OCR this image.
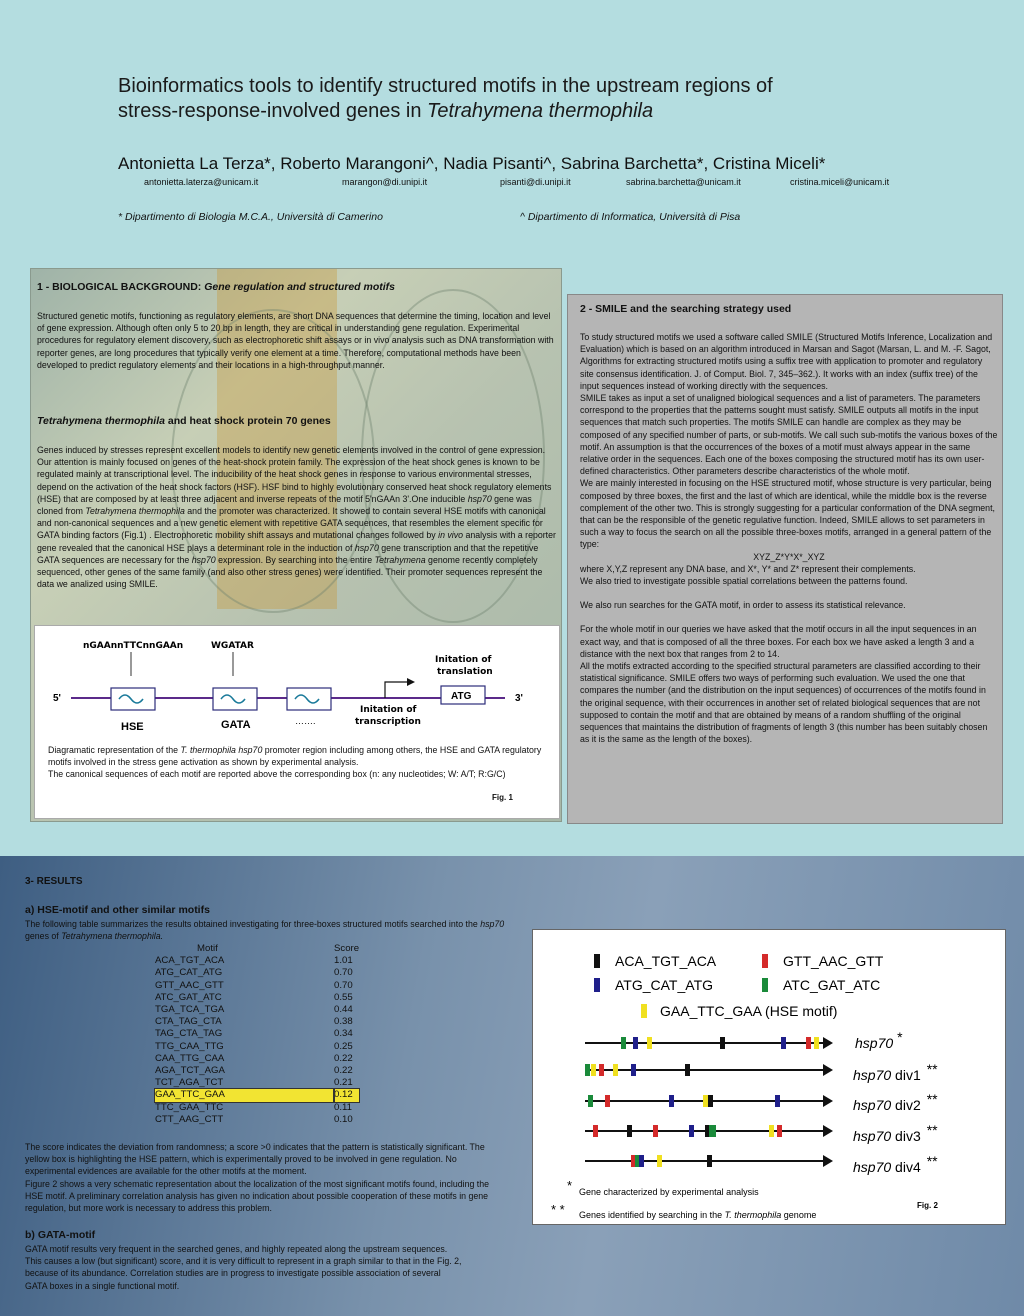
Bioinformatics tools to identify structured motifs in the upstream regions of
stress-response-involved genes in Tetrahymena thermophila
Antonietta La Terza*, Roberto Marangoni^, Nadia Pisanti^, Sabrina Barchetta*, Cristina Miceli*
antonietta.laterza@unicam.it	marangon@di.unipi.it	pisanti@di.unipi.it	sabrina.barchetta@unicam.it	cristina.miceli@unicam.it
* Dipartimento di Biologia M.C.A., Università di Camerino	^ Dipartimento di Informatica, Università di Pisa
1 - BIOLOGICAL BACKGROUND: Gene regulation and structured motifs
Structured genetic motifs, functioning as regulatory elements, are short DNA sequences that determine the timing, location and level of gene expression. Although often only 5 to 20 bp in length, they are critical in understanding gene regulation. Experimental procedures for regulatory element discovery, such as electrophoretic shift assays or in vivo analysis such as DNA transformation with reporter genes, are long procedures that typically verify one element at a time. Therefore, computational methods have been developed to predict regulatory elements and their locations in a high-throughput manner.
Tetrahymena thermophila and heat shock protein 70 genes
Genes induced by stresses represent excellent models to identify new genetic elements involved in the control of gene expression. Our attention is mainly focused on genes of the heat-shock protein family. The expression of the heat shock genes is known to be regulated mainly at transcriptional level. The inducibility of the heat shock genes in response to various environmental stresses, depend on the activation of the heat shock factors (HSF). HSF bind to highly evolutionary conserved heat shock regulatory elements (HSE) that are composed by at least three adjacent and inverse repeats of the motif 5'nGAAn 3'.One inducible hsp70 gene was cloned from Tetrahymena thermophila and the promoter was characterized. It showed to contain several HSE motifs with canonical and non-canonical sequences and a new genetic element with repetitive GATA sequences, that resembles the element specific for GATA binding factors (Fig.1) . Electrophoretic mobility shift assays and mutational changes followed by in vivo analysis with a reporter gene revealed that the canonical HSE plays a determinant role in the induction of hsp70 gene transcription and that the repetitive GATA sequences are necessary for the hsp70 expression. By searching into the entire Tetrahymena genome recently completely sequenced, other genes of the same family (and also other stress genes) were identified. Their promoter sequences represent the data we analized using SMILE.
nGAAnnTTCnnGAAn	WGATAR
Initation of
translation
5'	3'
ATG
Initation of
transcription
HSE	GATA	…….
Diagramatic representation of the T. thermophila hsp70 promoter region including among others, the HSE and GATA regulatory motifs involved in the stress gene activation as shown by experimental analysis.
The canonical sequences of each motif are reported above the corresponding box (n: any nucleotides; W: A/T; R:G/C)
Fig. 1
2 - SMILE and the searching strategy used
To study structured motifs we used a software called SMILE (Structured Motifs Inference, Localization and Evaluation) which is based on an algorithm introduced in Marsan and Sagot (Marsan, L. and M. -F. Sagot, Algorithms for extracting structured motifs using a suffix tree with application to promoter and regulatory site consensus identification. J. of Comput. Biol. 7, 345–362.). It works with an index (suffix tree) of the input sequences instead of working directly with the sequences.
SMILE takes as input a set of unaligned biological sequences and a list of parameters. The parameters correspond to the properties that the patterns sought must satisfy. SMILE outputs all motifs in the input sequences that match such properties. The motifs SMILE can handle are complex as they may be composed of any specified number of parts, or sub-motifs. We call such sub-motifs the various boxes of the motif. An assumption is that the occurrences of the boxes of a motif must always appear in the same relative order in the sequences. Each one of the boxes composing the structured motif has its own user-defined characteristics. Other parameters describe characteristics of the whole motif.
We are mainly interested in focusing on the HSE structured motif, whose structure is very particular, being composed by three boxes, the first and the last of which are identical, while the middle box is the reverse complement of the other two. This is strongly suggesting for a particular conformation of the DNA segment, that can be the responsible of the genetic regulative function. Indeed, SMILE allows to set parameters in such a way to focus the search on all the possible three-boxes motifs, arranged in a general pattern of the type:
XYZ_Z*Y*X*_XYZ
where X,Y,Z represent any DNA base, and X*, Y* and Z* represent their complements.
We also tried to investigate possible spatial correlations between the patterns found.
We also run searches for the GATA motif, in order to assess its statistical relevance.
For the whole motif in our queries we have asked that the motif occurs in all the input sequences in an exact way, and that is composed of all the three boxes. For each box we have asked a length 3 and a distance with the next box that ranges from 2 to 14.
All the motifs extracted according to the specified structural parameters are classified according to their statistical significance. SMILE offers two ways of performing such evaluation. We used the one that compares the number (and the distribution on the input sequences) of occurrences of the motifs found in the original sequence, with their occurrences in another set of related biological sequences that are not supposed to contain the motif and that are obtained by means of a random shuffling of the original sequences that maintains the distribution of fragments of length 3 (this number has been suitably chosen as it is the same as the length of the boxes).
3- RESULTS
a) HSE-motif and other similar motifs
The following table summarizes the results obtained investigating for three-boxes structured motifs searched into the hsp70 genes of Tetrahymena thermophila.
Motif	Score
ACA_TGT_ACA	1.01
ATG_CAT_ATG	0.70
GTT_AAC_GTT	0.70
ATC_GAT_ATC	0.55
TGA_TCA_TGA	0.44
CTA_TAG_CTA	0.38
TAG_CTA_TAG	0.34
TTG_CAA_TTG	0.25
CAA_TTG_CAA	0.22
AGA_TCT_AGA	0.22
TCT_AGA_TCT	0.21
GAA_TTC_GAA	0.12
TTC_GAA_TTC	0.11
CTT_AAG_CTT	0.10
The score indicates the deviation from randomness; a score >0 indicates that the pattern is statistically significant. The yellow box is highlighting the HSE pattern, which is experimentally proved to be involved in gene regulation. No experimental evidences are available for the other motifs at the moment.
Figure 2 shows a very schematic representation about the localization of the most significant motifs found, including the HSE motif. A preliminary correlation analysis has given no indication about possible cooperation of these motifs in gene regulation, but more work is necessary to address this problem.
b) GATA-motif
GATA motif results very frequent in the searched genes, and highly repeated along the upstream sequences. This causes a low (but significant) score, and it is very difficult to represent in a graph similar to that in the Fig. 2, because of its abundance. Correlation studies are in progress to investigate possible association of several GATA boxes in a single functional motif.
ACA_TGT_ACA	GTT_AAC_GTT
ATG_CAT_ATG	ATC_GAT_ATC
GAA_TTC_GAA (HSE motif)
hsp70 *
hsp70 div1 **
hsp70 div2 **
hsp70 div3 **
hsp70 div4 **
* Gene characterized by experimental analysis
* * Genes identified by searching in the T. thermophila genome
Fig. 2
